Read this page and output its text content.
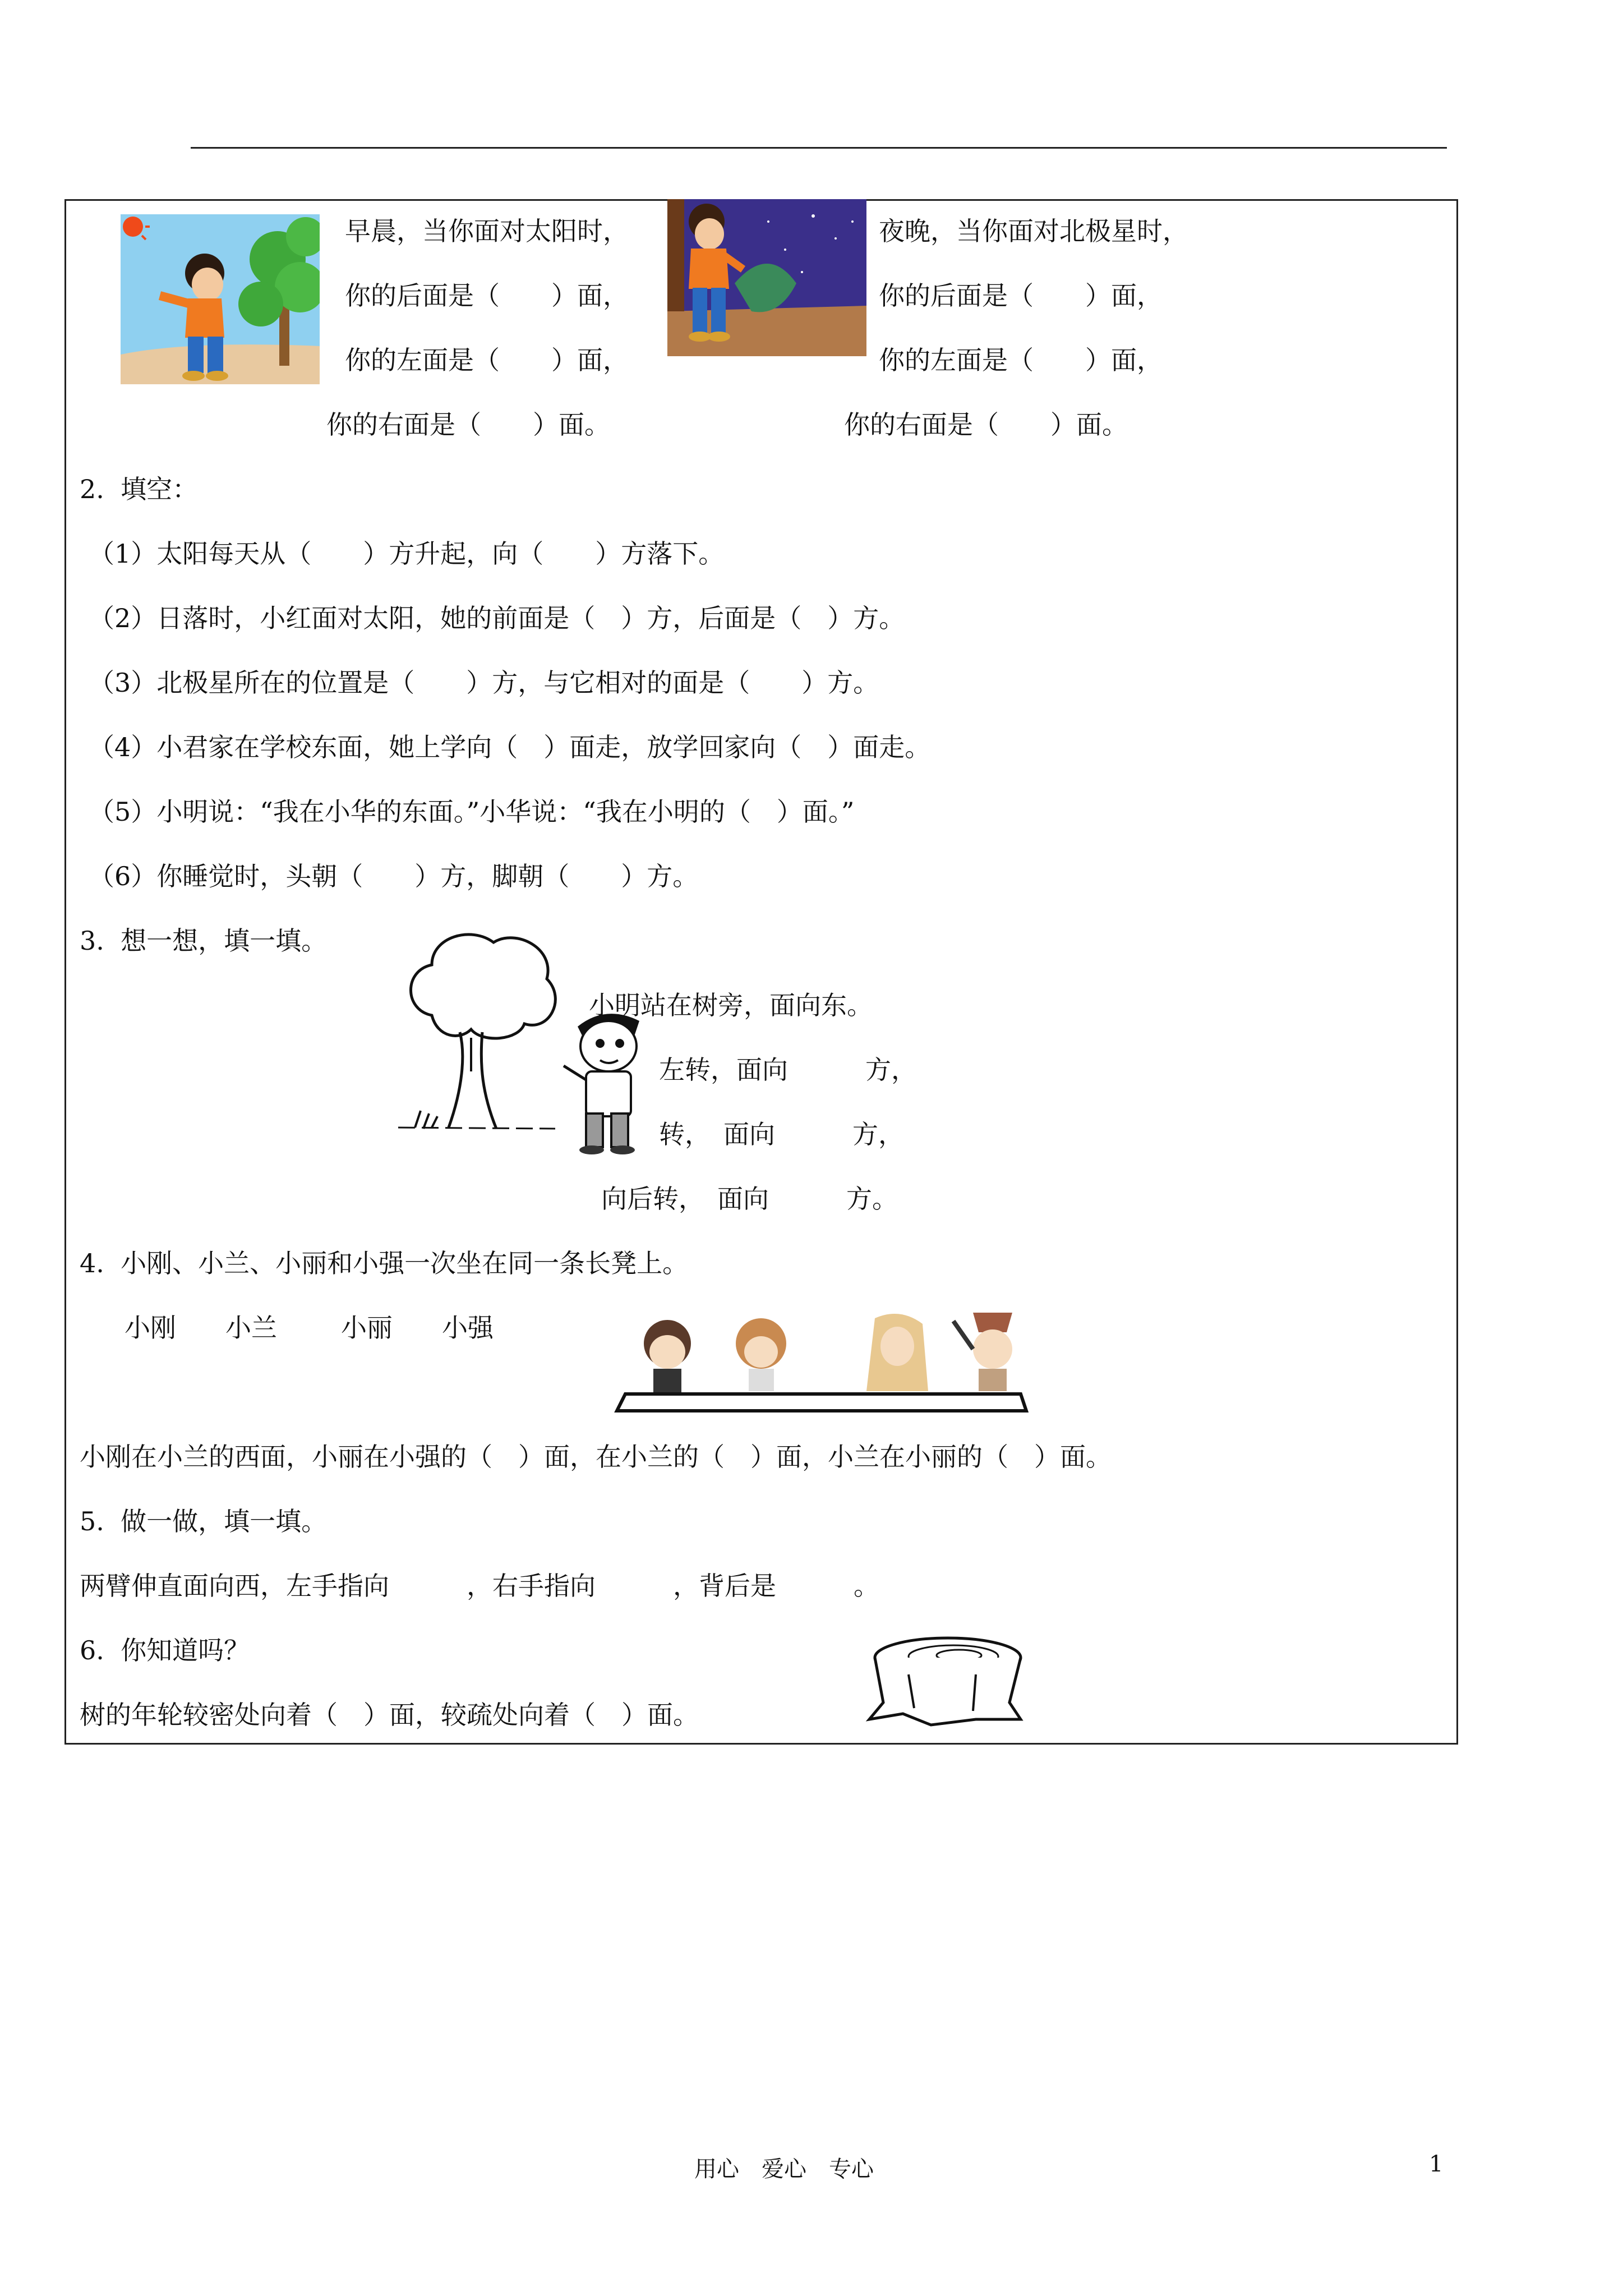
早晨，当你面对太阳时，
你的后面是（　　）面，
你的左面是（　　）面，
你的右面是（　　）面。
夜晚，当你面对北极星时，
你的后面是（　　）面，
你的左面是（　　）面，
你的右面是（　　）面。
2.  填空：
（1）太阳每天从（　　）方升起，向（　　）方落下。
（2）日落时，小红面对太阳，她的前面是（　）方，后面是（　）方。
（3）北极星所在的位置是（　　）方，与它相对的面是（　　）方。
（4）小君家在学校东面，她上学向（　）面走，放学回家向（　）面走。
（5）小明说：“我在小华的东面。”小华说：“我在小明的（　）面。”
（6）你睡觉时，头朝（　　）方，脚朝（　　）方。
3.  想一想，填一填。
小明站在树旁，面向东。
左转，面向　　　方，
转，　面向　　　方，
向后转，　面向　　　方。
4.  小刚、小兰、小丽和小强一次坐在同一条长凳上。
小刚 小兰 小丽 小强
小刚在小兰的西面，小丽在小强的（　）面，在小兰的（　）面，小兰在小丽的（　）面。
5.  做一做，填一填。
两臂伸直面向西，左手指向　　　，右手指向　　　，背后是　　　。
6.  你知道吗？
树的年轮较密处向着（　）面，较疏处向着（　）面。
用心　爱心　专心	1
